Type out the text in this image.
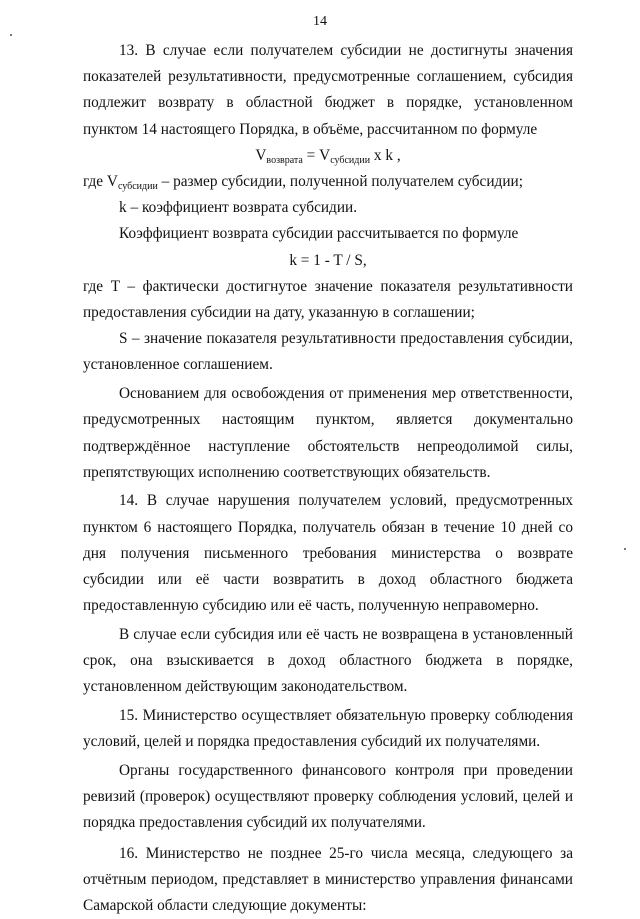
14

13. В случае если получателем субсидии не достигнуты значения показателей результативности, предусмотренные соглашением, субсидия подлежит возврату в областной бюджет в порядке, установленном пунктом 14 настоящего Порядка, в объёме, рассчитанном по формуле

$V_{возврата} = V_{субсидии}$ x k ,

где $V_{субсидии}$ – размер субсидии, полученной получателем субсидии;

k – коэффициент возврата субсидии.

Коэффициент возврата субсидии рассчитывается по формуле

k = 1 - T / S,

где T – фактически достигнутое значение показателя результативности предоставления субсидии на дату, указанную в соглашении;

S – значение показателя результативности предоставления субсидии, установленное соглашением.

Основанием для освобождения от применения мер ответственности, предусмотренных настоящим пунктом, является документально подтверждённое наступление обстоятельств непреодолимой силы, препятствующих исполнению соответствующих обязательств.

14. В случае нарушения получателем условий, предусмотренных пунктом 6 настоящего Порядка, получатель обязан в течение 10 дней со дня получения письменного требования министерства о возврате субсидии или её части возвратить в доход областного бюджета предоставленную субсидию или её часть, полученную неправомерно.

В случае если субсидия или её часть не возвращена в установленный срок, она взыскивается в доход областного бюджета в порядке, установленном действующим законодательством.

15. Министерство осуществляет обязательную проверку соблюдения условий, целей и порядка предоставления субсидий их получателями.

Органы государственного финансового контроля при проведении ревизий (проверок) осуществляют проверку соблюдения условий, целей и порядка предоставления субсидий их получателями.

16. Министерство не позднее 25-го числа месяца, следующего за отчётным периодом, представляет в министерство управления финансами Самарской области следующие документы:
